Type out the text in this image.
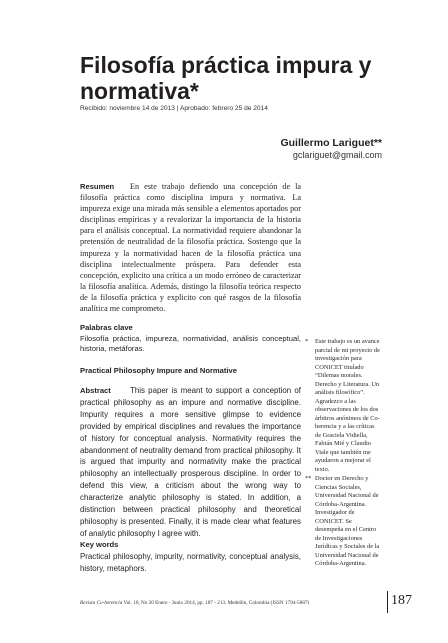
Filosofía práctica impura y normativa*
Recibido: noviembre 14 de 2013 | Aprobado: febrero 25 de 2014
Guillermo Lariguet**
gclariguet@gmail.com
Resumen	En este trabajo defiendo una concepción de la filosofía práctica como disciplina impura y normativa. La impureza exige una mirada más sensible a elementos aportados por disciplinas empíricas y a revalorizar la importancia de la historia para el análisis conceptual. La normatividad requiere abandonar la pretensión de neutralidad de la filosofía práctica. Sostengo que la impureza y la normatividad hacen de la filosofía práctica una disciplina intelectualmente próspera. Para defender esta concepción, explicito una crítica a un modo erróneo de caracterizar la filosofía analítica. Además, distingo la filosofía teórica respecto de la filosofía práctica y explicito con qué rasgos de la filosofía analítica me comprometo.
Palabras clave
Filosofía práctica, impureza, normatividad, análisis conceptual, historia, metáforas.
Practical Philosophy Impure and Normative
Abstract	This paper is meant to support a conception of practical philosophy as an impure and normative discipline. Impurity requires a more sensitive glimpse to evidence provided by empirical disciplines and revalues the importance of history for conceptual analysis. Normativity requires the abandonment of neutrality demand from practical philosophy. It is argued that impurity and normativity make the practical philosophy an intellectually prosperous discipline. In order to defend this view, a criticism about the wrong way to characterize analytic philosophy is stated. In addition, a distinction between practical philosophy and theoretical philosophy is presented. Finally, it is made clear what features of analytic philosophy I agree with.
Key words
Practical philosophy, impurity, normativity, conceptual analysis, history, metaphors.
* Este trabajo es un avance parcial de mi proyecto de investigación para CONICET titulado “Dilemas morales. Derecho y Literatura. Un análisis filosófico”. Agradezco a las observaciones de los dos árbitros anónimos de Co-herencia y a las críticas de Graciela Vidiella, Fabián Mié y Claudio Viale que también me ayudaron a mejorar el texto.
** Doctor en Derecho y Ciencias Sociales, Universidad Nacional de Córdoba-Argentina. Investigador de CONICET. Se desempeña en el Centro de Investigaciones Jurídicas y Sociales de la Universidad Nacional de Córdoba-Argentina.
Revista Co-herencia Vol. 10, No 20 Enero - Junio 2014, pp. 187 - 213. Medellín, Colombia (ISSN 1794-5887)	187
